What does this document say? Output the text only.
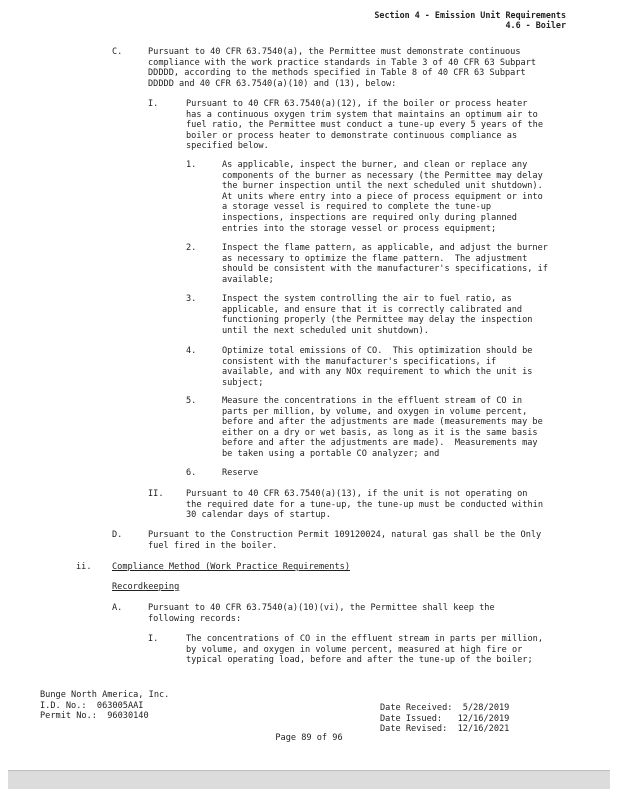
Section 4 - Emission Unit Requirements
4.6 - Boiler
C.	Pursuant to 40 CFR 63.7540(a), the Permittee must demonstrate continuous
compliance with the work practice standards in Table 3 of 40 CFR 63 Subpart
DDDDD, according to the methods specified in Table 8 of 40 CFR 63 Subpart
DDDDD and 40 CFR 63.7540(a)(10) and (13), below:
I.	Pursuant to 40 CFR 63.7540(a)(12), if the boiler or process heater
has a continuous oxygen trim system that maintains an optimum air to
fuel ratio, the Permittee must conduct a tune-up every 5 years of the
boiler or process heater to demonstrate continuous compliance as
specified below.
1.	As applicable, inspect the burner, and clean or replace any
components of the burner as necessary (the Permittee may delay
the burner inspection until the next scheduled unit shutdown).
At units where entry into a piece of process equipment or into
a storage vessel is required to complete the tune-up
inspections, inspections are required only during planned
entries into the storage vessel or process equipment;
2.	Inspect the flame pattern, as applicable, and adjust the burner
as necessary to optimize the flame pattern.  The adjustment
should be consistent with the manufacturer's specifications, if
available;
3.	Inspect the system controlling the air to fuel ratio, as
applicable, and ensure that it is correctly calibrated and
functioning properly (the Permittee may delay the inspection
until the next scheduled unit shutdown).
4.	Optimize total emissions of CO.  This optimization should be
consistent with the manufacturer's specifications, if
available, and with any NOx requirement to which the unit is
subject;
5.	Measure the concentrations in the effluent stream of CO in
parts per million, by volume, and oxygen in volume percent,
before and after the adjustments are made (measurements may be
either on a dry or wet basis, as long as it is the same basis
before and after the adjustments are made).  Measurements may
be taken using a portable CO analyzer; and
6.	Reserve
II.	Pursuant to 40 CFR 63.7540(a)(13), if the unit is not operating on
the required date for a tune-up, the tune-up must be conducted within
30 calendar days of startup.
D.	Pursuant to the Construction Permit 109120024, natural gas shall be the Only
fuel fired in the boiler.
ii. Compliance Method (Work Practice Requirements)
Recordkeeping
A.	Pursuant to 40 CFR 63.7540(a)(10)(vi), the Permittee shall keep the
following records:
I.	The concentrations of CO in the effluent stream in parts per million,
by volume, and oxygen in volume percent, measured at high fire or
typical operating load, before and after the tune-up of the boiler;
Bunge North America, Inc.
I.D. No.:  063005AAI
Permit No.:  96030140
Date Received:  5/28/2019
Date Issued:   12/16/2019
Date Revised:  12/16/2021
Page 89 of 96
